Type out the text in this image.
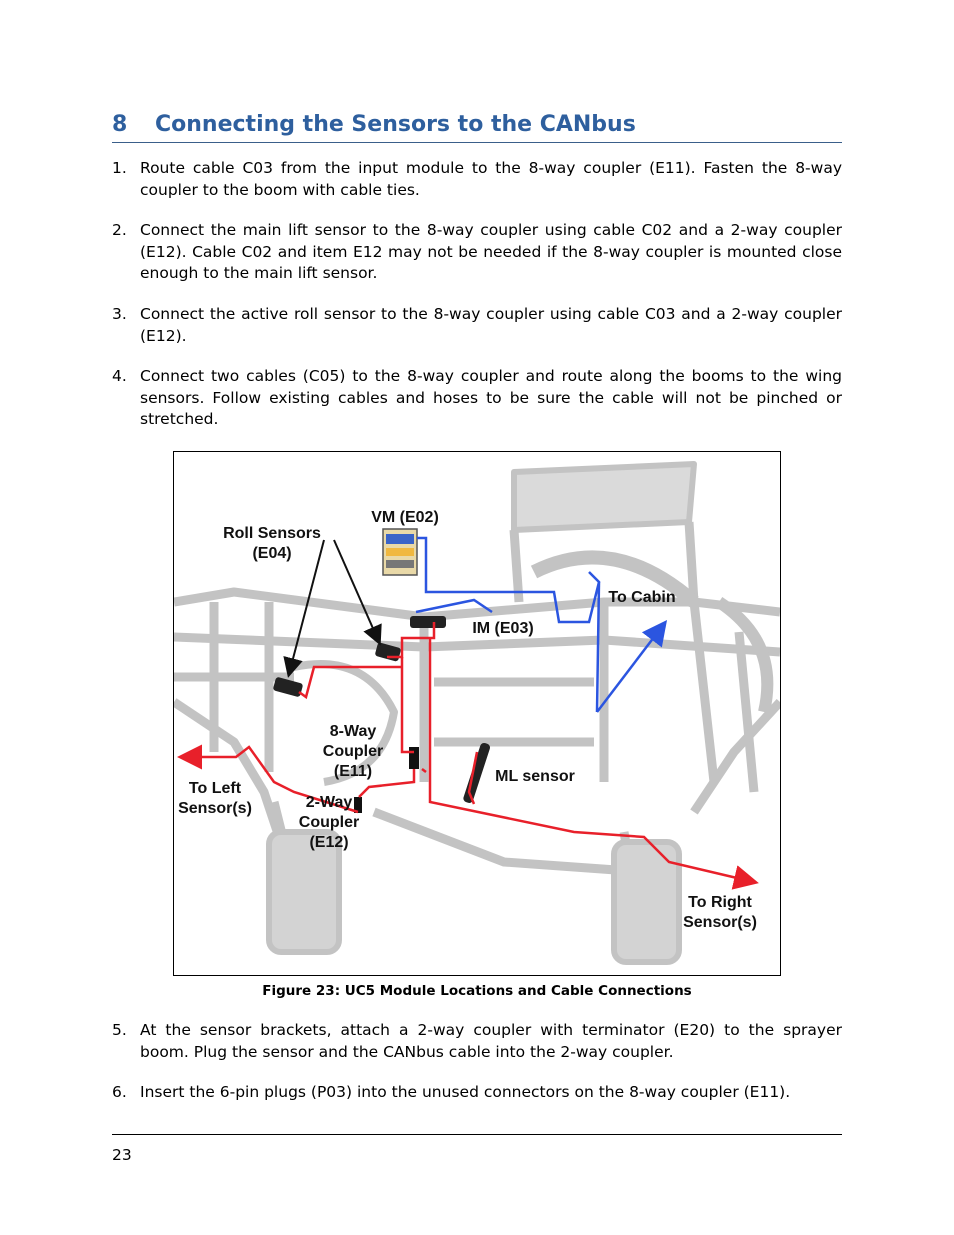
8 Connecting the Sensors to the CANbus
1. Route cable C03 from the input module to the 8-way coupler (E11). Fasten the 8-way coupler to the boom with cable ties.
2. Connect the main lift sensor to the 8-way coupler using cable C02 and a 2-way coupler (E12). Cable C02 and item E12 may not be needed if the 8-way coupler is mounted close enough to the main lift sensor.
3. Connect the active roll sensor to the 8-way coupler using cable C03 and a 2-way coupler (E12).
4. Connect two cables (C05) to the 8-way coupler and route along the booms to the wing sensors. Follow existing cables and hoses to be sure the cable will not be pinched or stretched.
Roll Sensors
(E04)
VM (E02)
To Cabin
IM (E03)
8-Way
Coupler
(E11)
To Left
Sensor(s)
ML sensor
2-Way
Coupler
(E12)
To Right
Sensor(s)
Figure 23: UC5 Module Locations and Cable Connections
5. At the sensor brackets, attach a 2-way coupler with terminator (E20) to the sprayer boom. Plug the sensor and the CANbus cable into the 2-way coupler.
6. Insert the 6-pin plugs (P03) into the unused connectors on the 8-way coupler (E11).
23
